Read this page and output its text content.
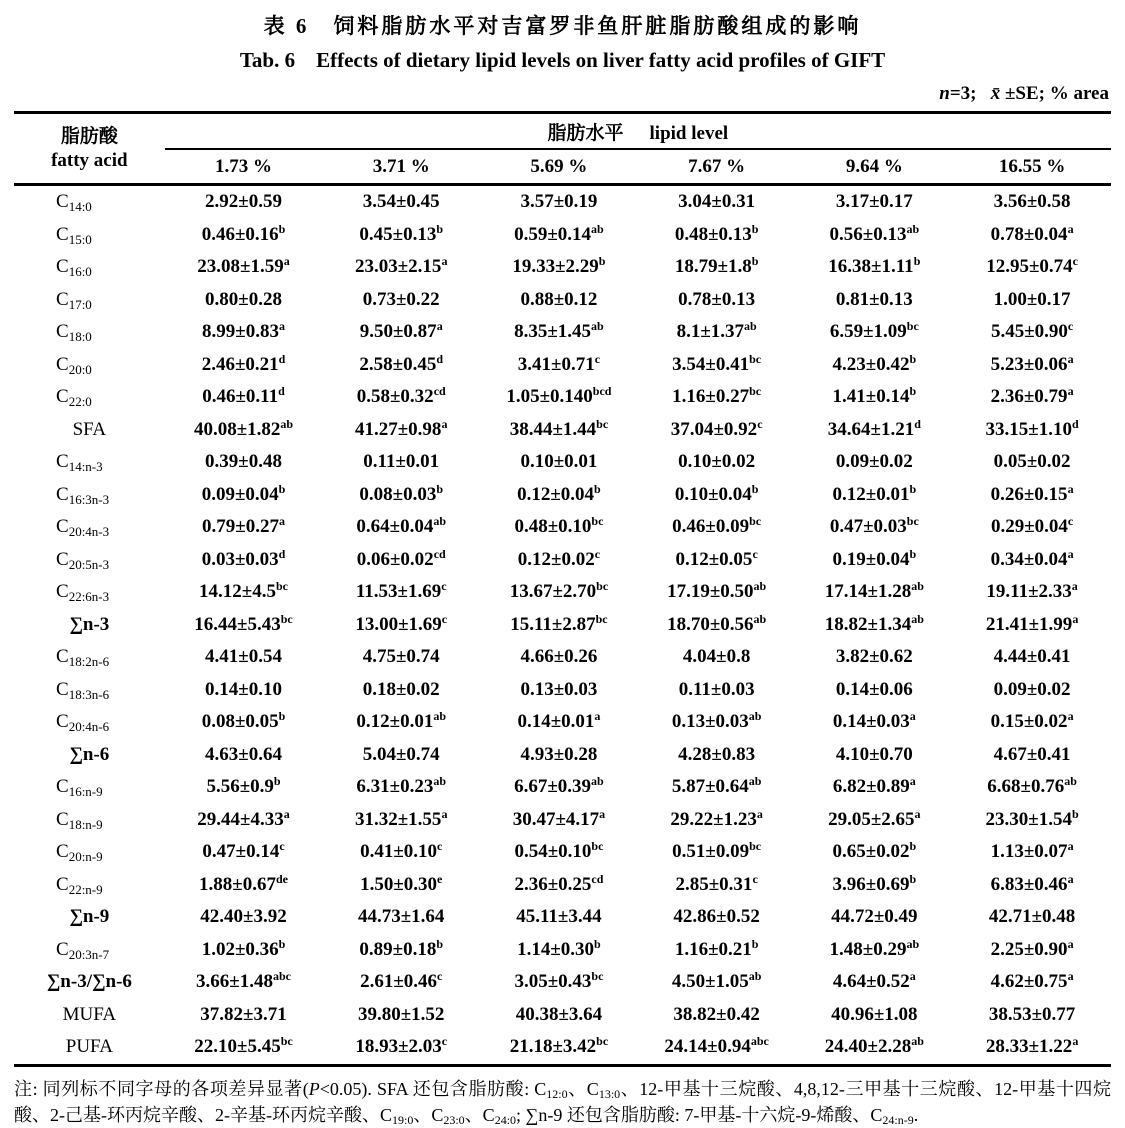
表 6　饲料脂肪水平对吉富罗非鱼肝脏脂肪酸组成的影响
Tab. 6    Effects of dietary lipid levels on liver fatty acid profiles of GIFT
n=3;   x̄ ±SE; % area
脂肪酸
fatty acid	脂肪水平 lipid level					
	1.73 %	3.71 %	5.69 %	7.67 %	9.64 %	16.55 %
$C_{14:0}$	2.92±0.59	3.54±0.45	3.57±0.19	3.04±0.31	3.17±0.17	3.56±0.58
$C_{15:0}$	0.46±0.16$^b$	0.45±0.13$^b$	0.59±0.14$^{ab}$	0.48±0.13$^b$	0.56±0.13$^{ab}$	0.78±0.04$^a$
$C_{16:0}$	23.08±1.59$^a$	23.03±2.15$^a$	19.33±2.29$^b$	18.79±1.8$^b$	16.38±1.11$^b$	12.95±0.74$^c$
$C_{17:0}$	0.80±0.28	0.73±0.22	0.88±0.12	0.78±0.13	0.81±0.13	1.00±0.17
$C_{18:0}$	8.99±0.83$^a$	9.50±0.87$^a$	8.35±1.45$^{ab}$	8.1±1.37$^{ab}$	6.59±1.09$^{bc}$	5.45±0.90$^c$
$C_{20:0}$	2.46±0.21$^d$	2.58±0.45$^d$	3.41±0.71$^c$	3.54±0.41$^{bc}$	4.23±0.42$^b$	5.23±0.06$^a$
$C_{22:0}$	0.46±0.11$^d$	0.58±0.32$^{cd}$	1.05±0.140$^{bcd}$	1.16±0.27$^{bc}$	1.41±0.14$^b$	2.36±0.79$^a$
SFA	40.08±1.82$^{ab}$	41.27±0.98$^a$	38.44±1.44$^{bc}$	37.04±0.92$^c$	34.64±1.21$^d$	33.15±1.10$^d$
$C_{14:n-3}$	0.39±0.48	0.11±0.01	0.10±0.01	0.10±0.02	0.09±0.02	0.05±0.02
$C_{16:3n-3}$	0.09±0.04$^b$	0.08±0.03$^b$	0.12±0.04$^b$	0.10±0.04$^b$	0.12±0.01$^b$	0.26±0.15$^a$
$C_{20:4n-3}$	0.79±0.27$^a$	0.64±0.04$^{ab}$	0.48±0.10$^{bc}$	0.46±0.09$^{bc}$	0.47±0.03$^{bc}$	0.29±0.04$^c$
$C_{20:5n-3}$	0.03±0.03$^d$	0.06±0.02$^{cd}$	0.12±0.02$^c$	0.12±0.05$^c$	0.19±0.04$^b$	0.34±0.04$^a$
$C_{22:6n-3}$	14.12±4.5$^{bc}$	11.53±1.69$^c$	13.67±2.70$^{bc}$	17.19±0.50$^{ab}$	17.14±1.28$^{ab}$	19.11±2.33$^a$
∑n-3	16.44±5.43$^{bc}$	13.00±1.69$^c$	15.11±2.87$^{bc}$	18.70±0.56$^{ab}$	18.82±1.34$^{ab}$	21.41±1.99$^a$
$C_{18:2n-6}$	4.41±0.54	4.75±0.74	4.66±0.26	4.04±0.8	3.82±0.62	4.44±0.41
$C_{18:3n-6}$	0.14±0.10	0.18±0.02	0.13±0.03	0.11±0.03	0.14±0.06	0.09±0.02
$C_{20:4n-6}$	0.08±0.05$^b$	0.12±0.01$^{ab}$	0.14±0.01$^a$	0.13±0.03$^{ab}$	0.14±0.03$^a$	0.15±0.02$^a$
∑n-6	4.63±0.64	5.04±0.74	4.93±0.28	4.28±0.83	4.10±0.70	4.67±0.41
$C_{16:n-9}$	5.56±0.9$^b$	6.31±0.23$^{ab}$	6.67±0.39$^{ab}$	5.87±0.64$^{ab}$	6.82±0.89$^a$	6.68±0.76$^{ab}$
$C_{18:n-9}$	29.44±4.33$^a$	31.32±1.55$^a$	30.47±4.17$^a$	29.22±1.23$^a$	29.05±2.65$^a$	23.30±1.54$^b$
$C_{20:n-9}$	0.47±0.14$^c$	0.41±0.10$^c$	0.54±0.10$^{bc}$	0.51±0.09$^{bc}$	0.65±0.02$^b$	1.13±0.07$^a$
$C_{22:n-9}$	1.88±0.67de	1.50±0.30$^e$	2.36±0.25$^{cd}$	2.85±0.31$^c$	3.96±0.69$^b$	6.83±0.46$^a$
∑n-9	42.40±3.92	44.73±1.64	45.11±3.44	42.86±0.52	44.72±0.49	42.71±0.48
$C_{20:3n-7}$	1.02±0.36$^b$	0.89±0.18$^b$	1.14±0.30$^b$	1.16±0.21$^b$	1.48±0.29$^{ab}$	2.25±0.90$^a$
∑n-3/∑n-6	3.66±1.48$^{abc}$	2.61±0.46$^c$	3.05±0.43$^{bc}$	4.50±1.05$^{ab}$	4.64±0.52$^a$	4.62±0.75$^a$
MUFA	37.82±3.71	39.80±1.52	40.38±3.64	38.82±0.42	40.96±1.08	38.53±0.77
PUFA	22.10±5.45$^{bc}$	18.93±2.03$^c$	21.18±3.42$^{bc}$	24.14±0.94$^{abc}$	24.40±2.28$^{ab}$	28.33±1.22$^a$
注: 同列标不同字母的各项差异显著(P<0.05). SFA 还包含脂肪酸: $C_{12:0}$、$C_{13:0}$、12-甲基十三烷酸、4,8,12-三甲基十三烷酸、12-甲基十四烷酸、2-己基-环丙烷辛酸、2-辛基-环丙烷辛酸、$C_{19:0}$、$C_{23:0}$、$C_{24:0}$; ∑n-9 还包含脂肪酸: 7-甲基-十六烷-9-烯酸、$C_{24:n-9}$.
